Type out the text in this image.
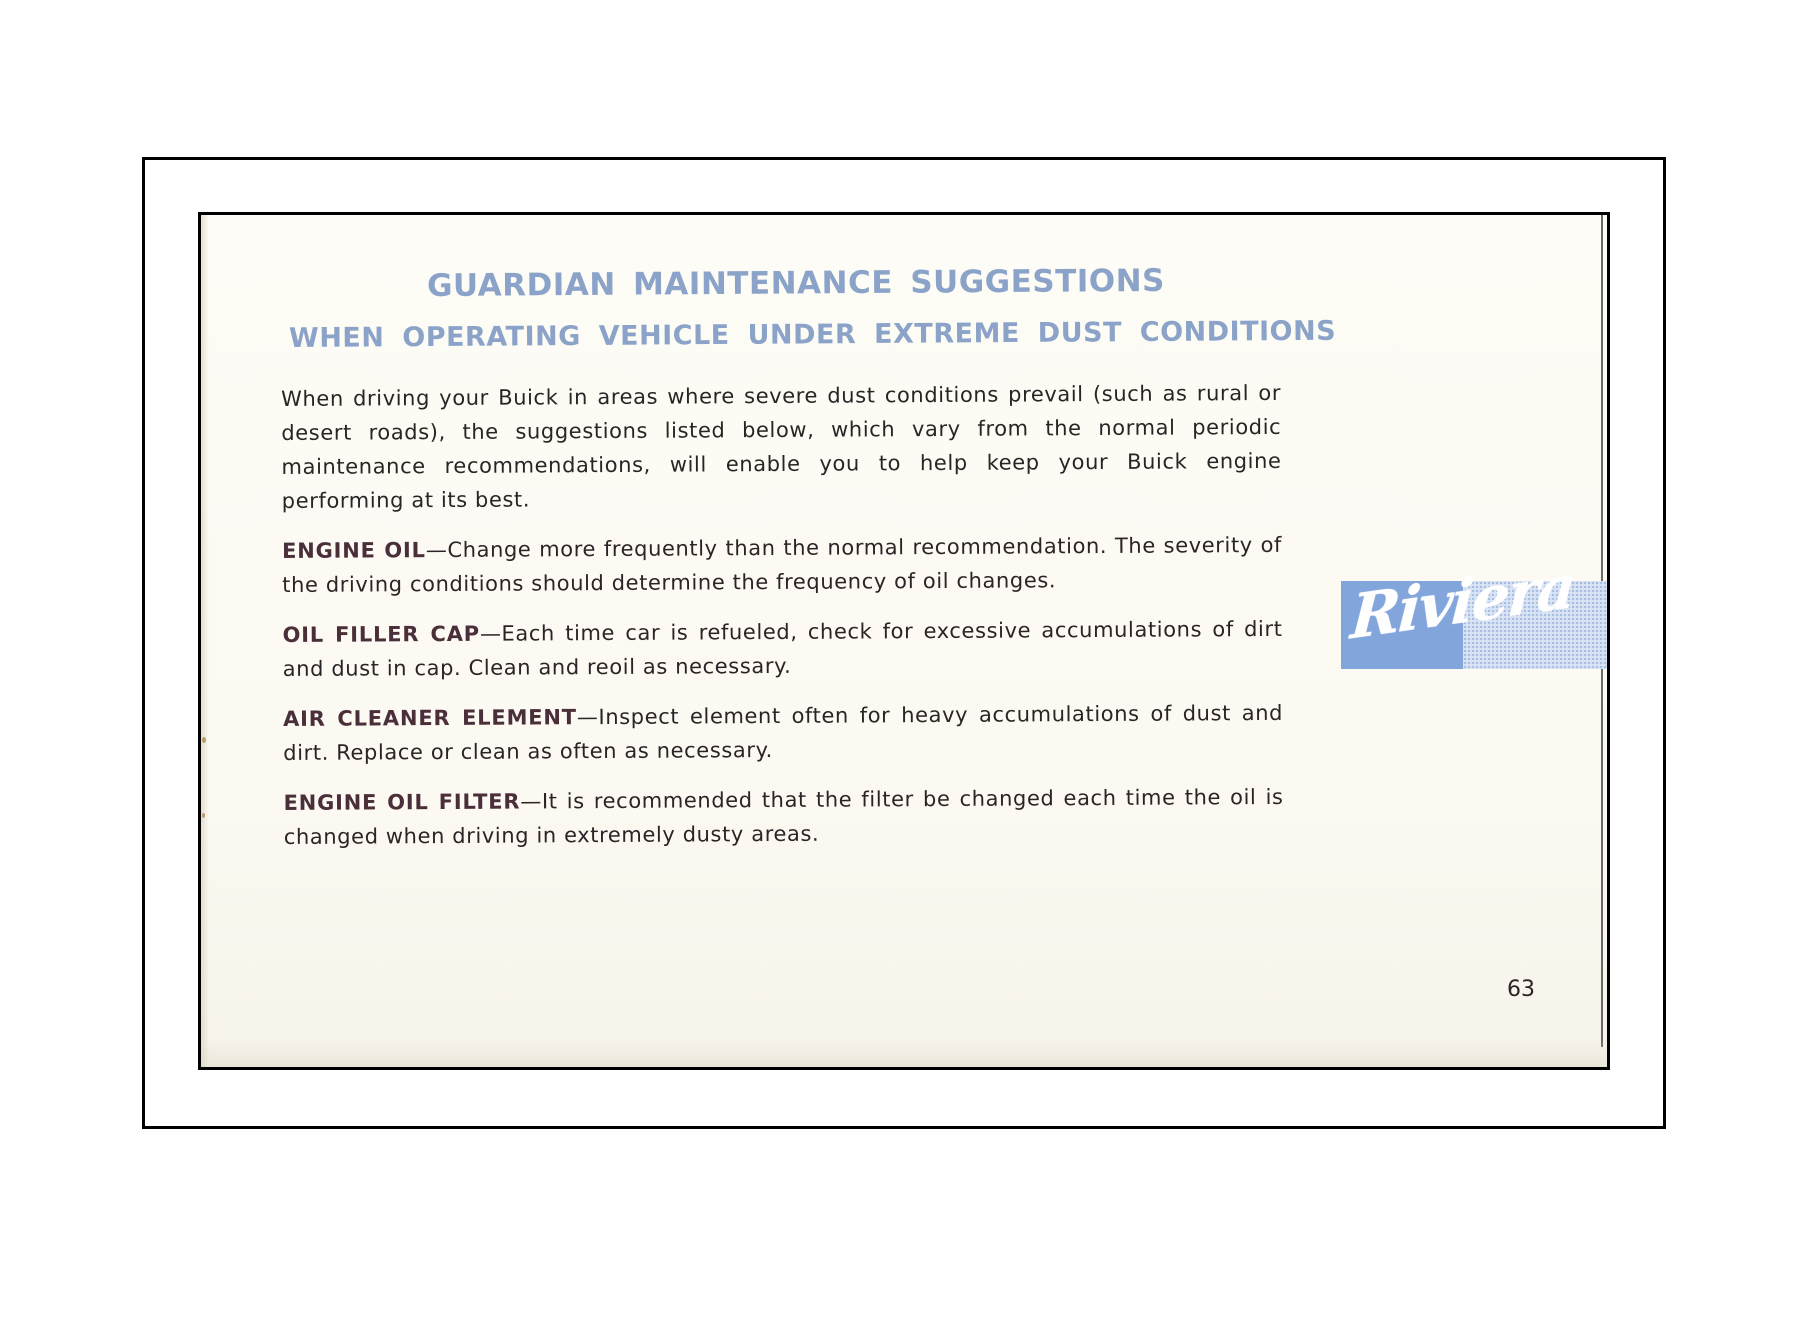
GUARDIAN MAINTENANCE SUGGESTIONS
WHEN OPERATING VEHICLE UNDER EXTREME DUST CONDITIONS

When driving your Buick in areas where severe dust conditions prevail (such as rural or desert roads), the suggestions listed below, which vary from the normal periodic maintenance recommendations, will enable you to help keep your Buick engine performing at its best.

ENGINE OIL—Change more frequently than the normal recommendation. The severity of the driving conditions should determine the frequency of oil changes.

OIL FILLER CAP—Each time car is refueled, check for excessive accumulations of dirt and dust in cap. Clean and reoil as necessary.

AIR CLEANER ELEMENT—Inspect element often for heavy accumulations of dust and dirt. Replace or clean as often as necessary.

ENGINE OIL FILTER—It is recommended that the filter be changed each time the oil is changed when driving in extremely dusty areas.

Riviera
63
